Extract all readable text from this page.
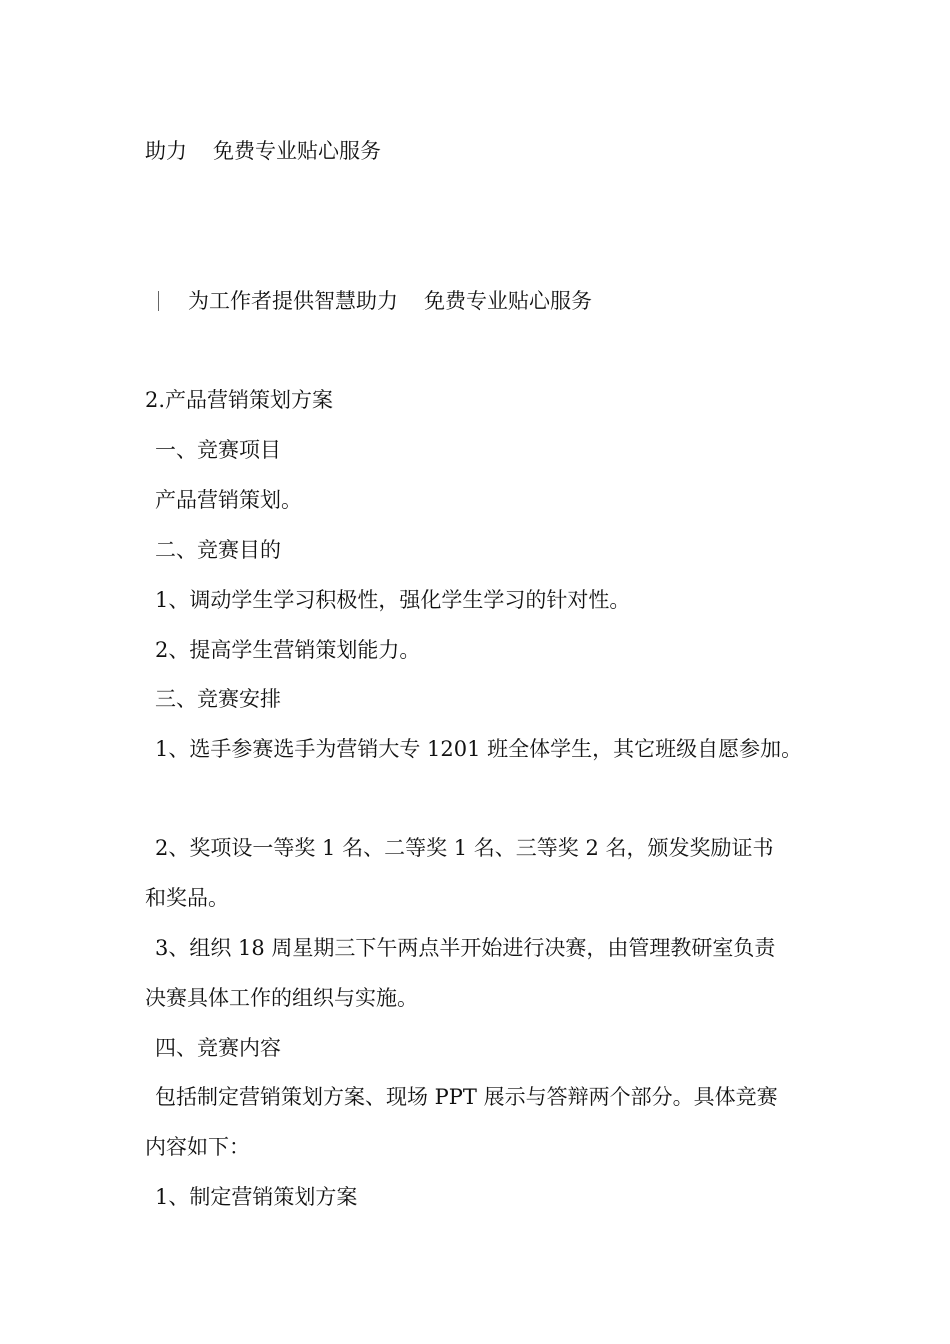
助力 免费专业贴心服务
为工作者提供智慧助力 免费专业贴心服务
2.产品营销策划方案
一、竞赛项目
产品营销策划。
二、竞赛目的
1、调动学生学习积极性，强化学生学习的针对性。
2、提高学生营销策划能力。
三、竞赛安排
1、选手参赛选手为营销大专 1201 班全体学生，其它班级自愿参加。
2、奖项设一等奖 1 名、二等奖 1 名、三等奖 2 名，颁发奖励证书
和奖品。
3、组织 18 周星期三下午两点半开始进行决赛，由管理教研室负责
决赛具体工作的组织与实施。
四、竞赛内容
包括制定营销策划方案、现场 PPT 展示与答辩两个部分。具体竞赛
内容如下：
1、制定营销策划方案
